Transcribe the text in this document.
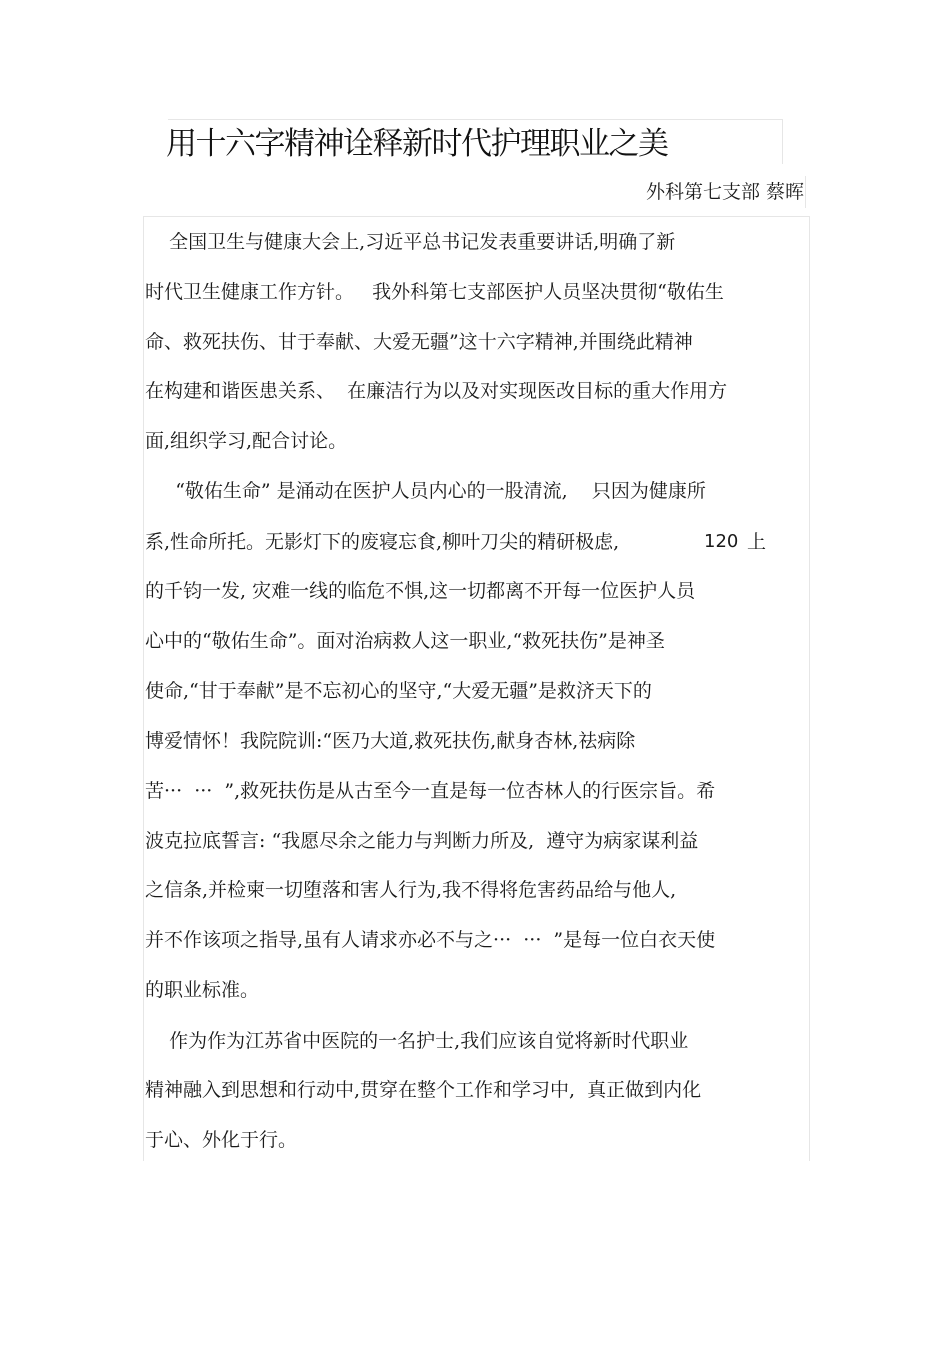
用十六字精神诠释新时代护理职业之美
外科第七支部 蔡晖
全国卫生与健康大会上,习近平总书记发表重要讲话,明确了新
时代卫生健康工作方针。   我外科第七支部医护人员坚决贯彻“敬佑生
命、救死扶伤、甘于奉献、大爱无疆”这十六字精神,并围绕此精神
在构建和谐医患关系、  在廉洁行为以及对实现医改目标的重大作用方
面,组织学习,配合讨论。
“敬佑生命” 是涌动在医护人员内心的一股清流,    只因为健康所
系,性命所托。无影灯下的废寝忘食,柳叶刀尖的精研极虑,	120 上
的千钧一发, 灾难一线的临危不惧,这一切都离不开每一位医护人员
心中的“敬佑生命”。面对治病救人这一职业,“救死扶伤”是神圣
使命,“甘于奉献”是不忘初心的坚守,“大爱无疆”是救济天下的
博爱情怀！我院院训:“医乃大道,救死扶伤,献身杏林,祛病除
苦···  ···  ”,救死扶伤是从古至今一直是每一位杏林人的行医宗旨。希
波克拉底誓言: “我愿尽余之能力与判断力所及,  遵守为病家谋利益
之信条,并检柬一切堕落和害人行为,我不得将危害药品给与他人,
并不作该项之指导,虽有人请求亦必不与之···  ···  ”是每一位白衣天使
的职业标准。
作为作为江苏省中医院的一名护士,我们应该自觉将新时代职业
精神融入到思想和行动中,贯穿在整个工作和学习中,  真正做到内化
于心、外化于行。
